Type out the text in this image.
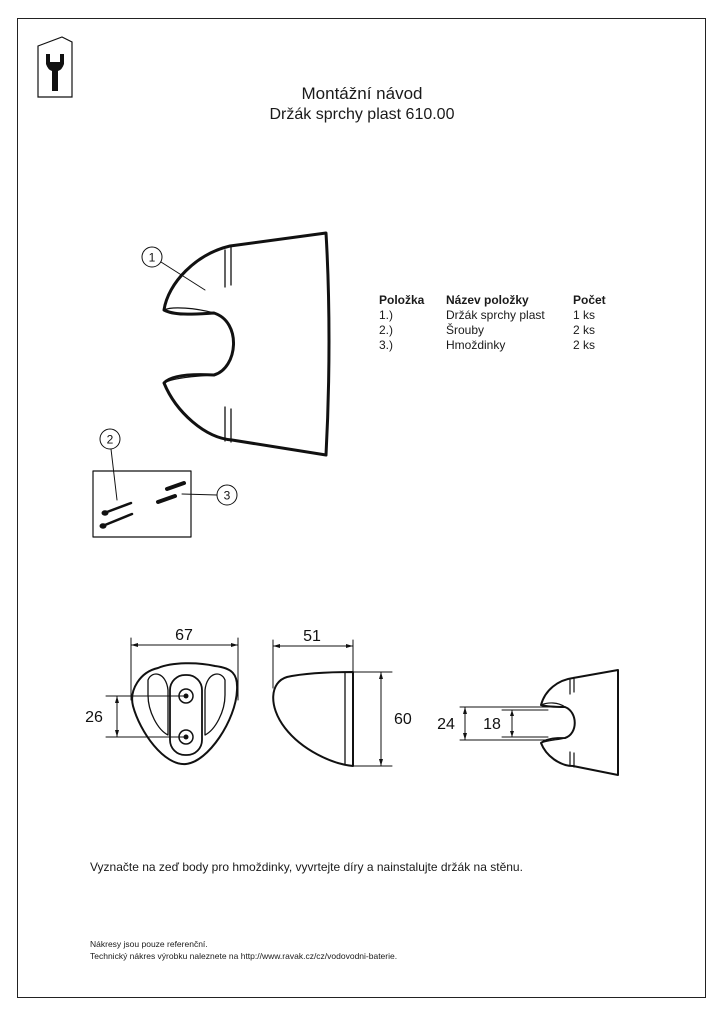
Montážní návod
Držák sprchy plast 610.00
Položka	Název položky	Počet
1.)	Držák sprchy plast	1 ks
2.)	Šrouby	2 ks
3.)	Hmoždinky	2 ks
1
2
3
67
26
51
60 24 18
Vyznačte na zeď body pro hmoždinky, vyvrtejte díry a nainstalujte držák na stěnu.
Nákresy jsou pouze referenční.
Technický nákres výrobku naleznete na http://www.ravak.cz/cz/vodovodni-baterie.
